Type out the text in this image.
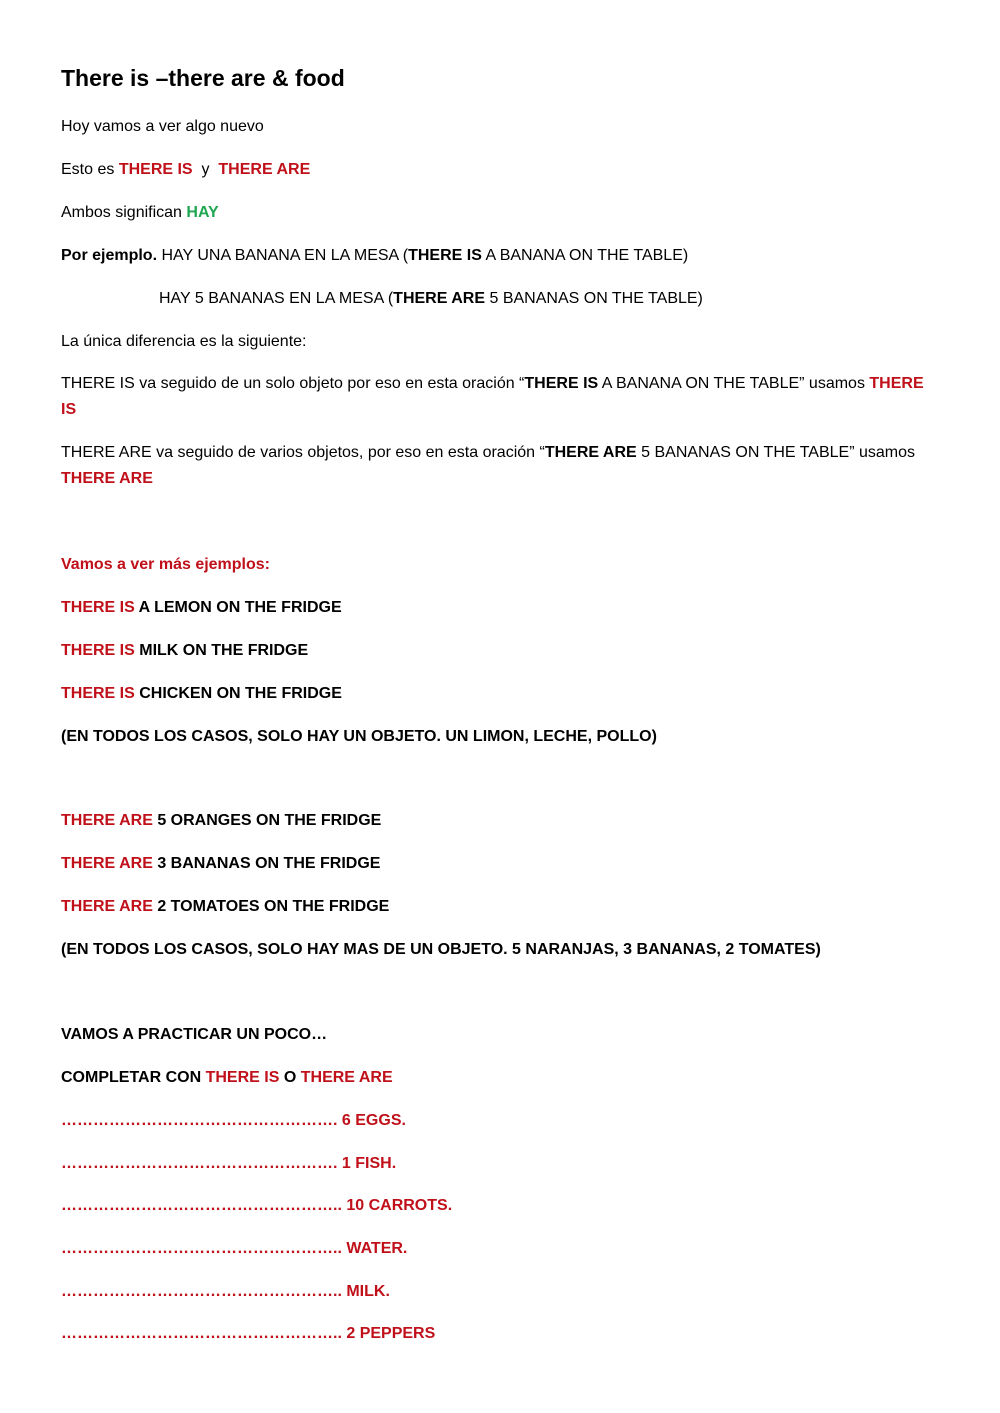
There is –there are & food
Hoy vamos a ver algo nuevo
Esto es THERE IS y THERE ARE
Ambos significan HAY
Por ejemplo. HAY UNA BANANA EN LA MESA (THERE IS A BANANA ON THE TABLE)
HAY 5 BANANAS EN LA MESA (THERE ARE 5 BANANAS ON THE TABLE)
La única diferencia es la siguiente:
THERE IS va seguido de un solo objeto por eso en esta oración “THERE IS A BANANA ON THE TABLE” usamos THERE IS
THERE ARE va seguido de varios objetos, por eso en esta oración “THERE ARE 5 BANANAS ON THE TABLE” usamos THERE ARE
Vamos a ver más ejemplos:
THERE IS A LEMON ON THE FRIDGE
THERE IS MILK ON THE FRIDGE
THERE IS CHICKEN ON THE FRIDGE
(EN TODOS LOS CASOS, SOLO HAY UN OBJETO. UN LIMON, LECHE, POLLO)
THERE ARE 5 ORANGES ON THE FRIDGE
THERE ARE 3 BANANAS ON THE FRIDGE
THERE ARE 2 TOMATOES ON THE FRIDGE
(EN TODOS LOS CASOS, SOLO HAY MAS DE UN OBJETO. 5 NARANJAS, 3 BANANAS, 2 TOMATES)
VAMOS A PRACTICAR UN POCO…
COMPLETAR CON THERE IS O THERE ARE
……………………………………………. 6 EGGS.
……………………………………………. 1 FISH.
…………………………………………….. 10 CARROTS.
…………………………………………….. WATER.
…………………………………………….. MILK.
…………………………………………….. 2 PEPPERS
